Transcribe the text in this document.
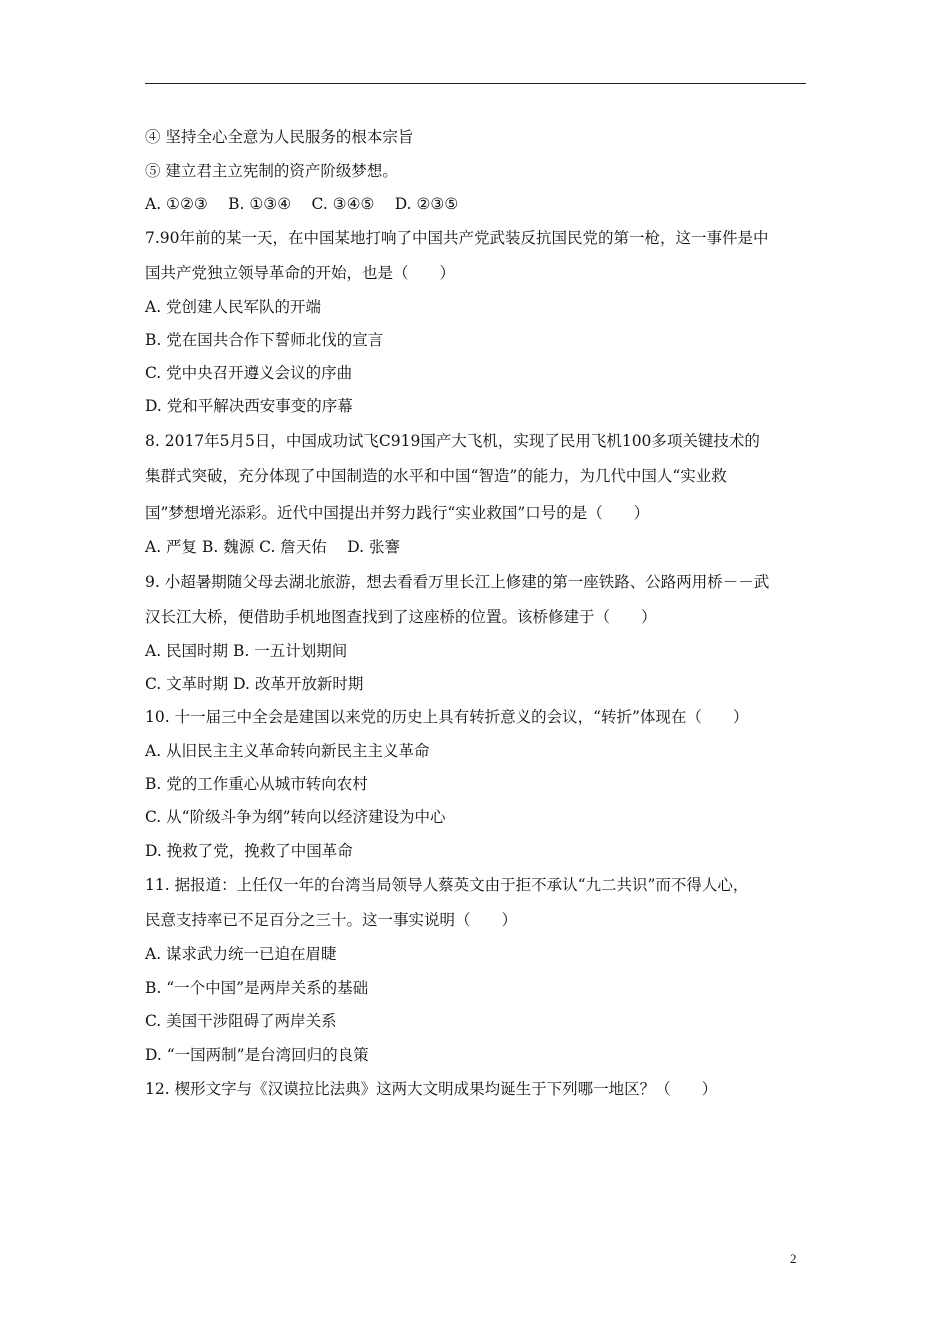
④ 坚持全心全意为人民服务的根本宗旨
⑤ 建立君主立宪制的资产阶级梦想。
A. ①②③　 B. ①③④　 C. ③④⑤　 D. ②③⑤
7.90年前的某一天，在中国某地打响了中国共产党武装反抗国民党的第一枪，这一事件是中
国共产党独立领导革命的开始，也是（　　）
A. 党创建人民军队的开端
B. 党在国共合作下誓师北伐的宣言
C. 党中央召开遵义会议的序曲
D. 党和平解决西安事变的序幕
8. 2017年5月5日，中国成功试飞C919国产大飞机，实现了民用飞机100多项关键技术的
集群式突破，充分体现了中国制造的水平和中国“智造”的能力，为几代中国人“实业救
国”梦想增光添彩。近代中国提出并努力践行“实业救国”口号的是（　　）
A. 严复 B. 魏源 C. 詹天佑　 D. 张謇
9. 小超暑期随父母去湖北旅游，想去看看万里长江上修建的第一座铁路、公路两用桥－－武
汉长江大桥，便借助手机地图查找到了这座桥的位置。该桥修建于（　　）
A. 民国时期 B. 一五计划期间
C. 文革时期 D. 改革开放新时期
10. 十一届三中全会是建国以来党的历史上具有转折意义的会议，“转折”体现在（　　）
A. 从旧民主主义革命转向新民主主义革命
B. 党的工作重心从城市转向农村
C. 从“阶级斗争为纲”转向以经济建设为中心
D. 挽救了党，挽救了中国革命
11. 据报道：上任仅一年的台湾当局领导人蔡英文由于拒不承认“九二共识”而不得人心，
民意支持率已不足百分之三十。这一事实说明（　　）
A. 谋求武力统一已迫在眉睫
B. “一个中国”是两岸关系的基础
C. 美国干涉阻碍了两岸关系
D. “一国两制”是台湾回归的良策
12. 楔形文字与《汉谟拉比法典》这两大文明成果均诞生于下列哪一地区？（　　）
2
